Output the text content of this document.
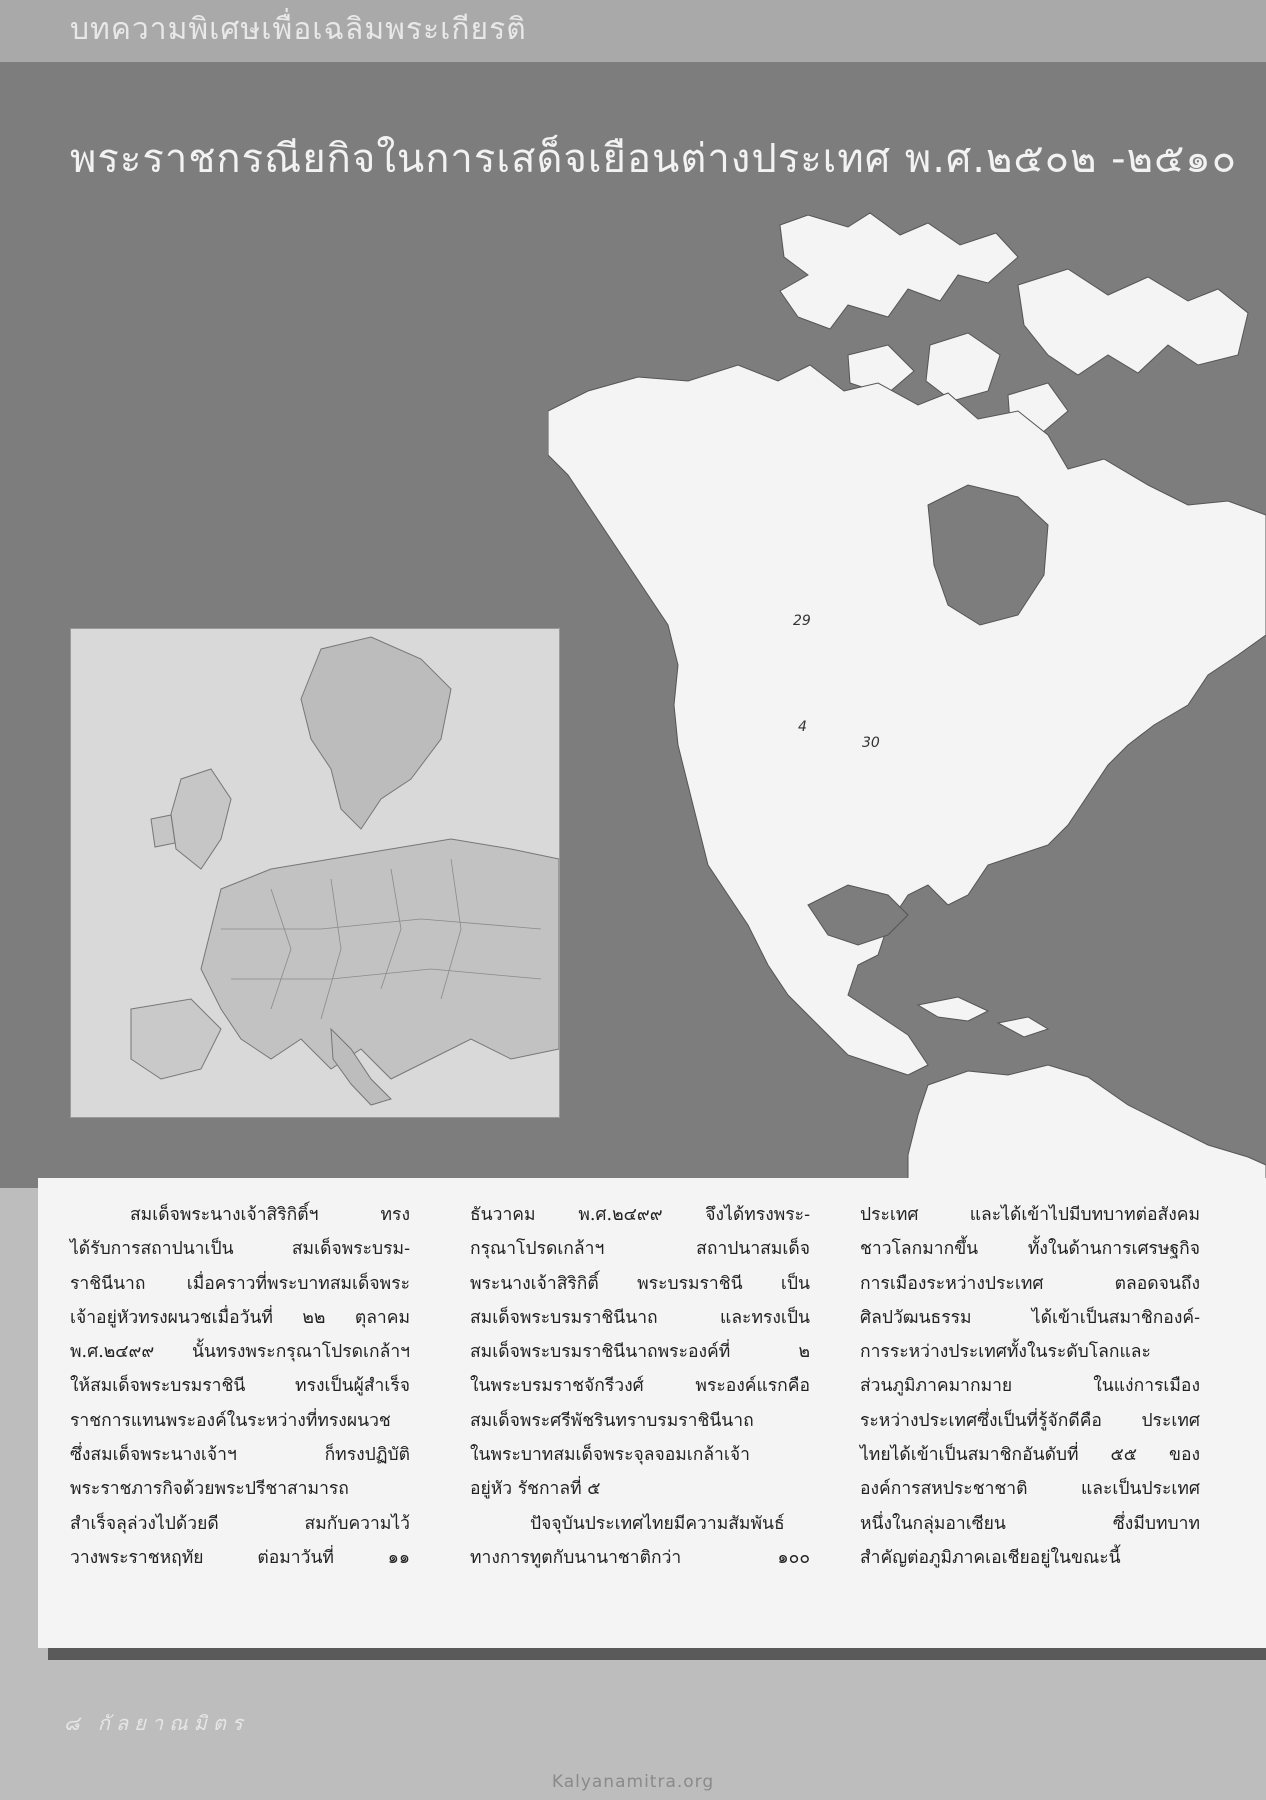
บทความพิเศษเพื่อเฉลิมพระเกียรติ
พระราชกรณียกิจในการเสด็จเยือนต่างประเทศ พ.ศ.๒๕๐๒ -๒๕๑๐
29
4
30
สมเด็จพระนางเจ้าสิริกิติ์ฯ ทรง
ได้รับการสถาปนาเป็น สมเด็จพระบรม-
ราชินีนาถ เมื่อคราวที่พระบาทสมเด็จพระ
เจ้าอยู่หัวทรงผนวชเมื่อวันที่ ๒๒ ตุลาคม
พ.ศ.๒๔๙๙ นั้นทรงพระกรุณาโปรดเกล้าฯ
ให้สมเด็จพระบรมราชินี ทรงเป็นผู้สำเร็จ
ราชการแทนพระองค์ในระหว่างที่ทรงผนวช
ซึ่งสมเด็จพระนางเจ้าฯ ก็ทรงปฏิบัติ
พระราชภารกิจด้วยพระปรีชาสามารถ
สำเร็จลุล่วงไปด้วยดี สมกับความไว้
วางพระราชหฤทัย ต่อมาวันที่ ๑๑
ธันวาคม พ.ศ.๒๔๙๙ จึงได้ทรงพระ-
กรุณาโปรดเกล้าฯ สถาปนาสมเด็จ
พระนางเจ้าสิริกิติ์ พระบรมราชินี เป็น
สมเด็จพระบรมราชินีนาถ และทรงเป็น
สมเด็จพระบรมราชินีนาถพระองค์ที่ ๒
ในพระบรมราชจักรีวงศ์ พระองค์แรกคือ
สมเด็จพระศรีพัชรินทราบรมราชินีนาถ
ในพระบาทสมเด็จพระจุลจอมเกล้าเจ้า
อยู่หัว รัชกาลที่ ๕
ปัจจุบันประเทศไทยมีความสัมพันธ์
ทางการทูตกับนานาชาติกว่า ๑๐๐
ประเทศ และได้เข้าไปมีบทบาทต่อสังคม
ชาวโลกมากขึ้น ทั้งในด้านการเศรษฐกิจ
การเมืองระหว่างประเทศ ตลอดจนถึง
ศิลปวัฒนธรรม ได้เข้าเป็นสมาชิกองค์-
การระหว่างประเทศทั้งในระดับโลกและ
ส่วนภูมิภาคมากมาย ในแง่การเมือง
ระหว่างประเทศซึ่งเป็นที่รู้จักดีคือ ประเทศ
ไทยได้เข้าเป็นสมาชิกอันดับที่ ๕๕ ของ
องค์การสหประชาชาติ และเป็นประเทศ
หนึ่งในกลุ่มอาเซียน ซึ่งมีบทบาท
สำคัญต่อภูมิภาคเอเชียอยู่ในขณะนี้
๘ กัลยาณมิตร
Kalyanamitra.org
